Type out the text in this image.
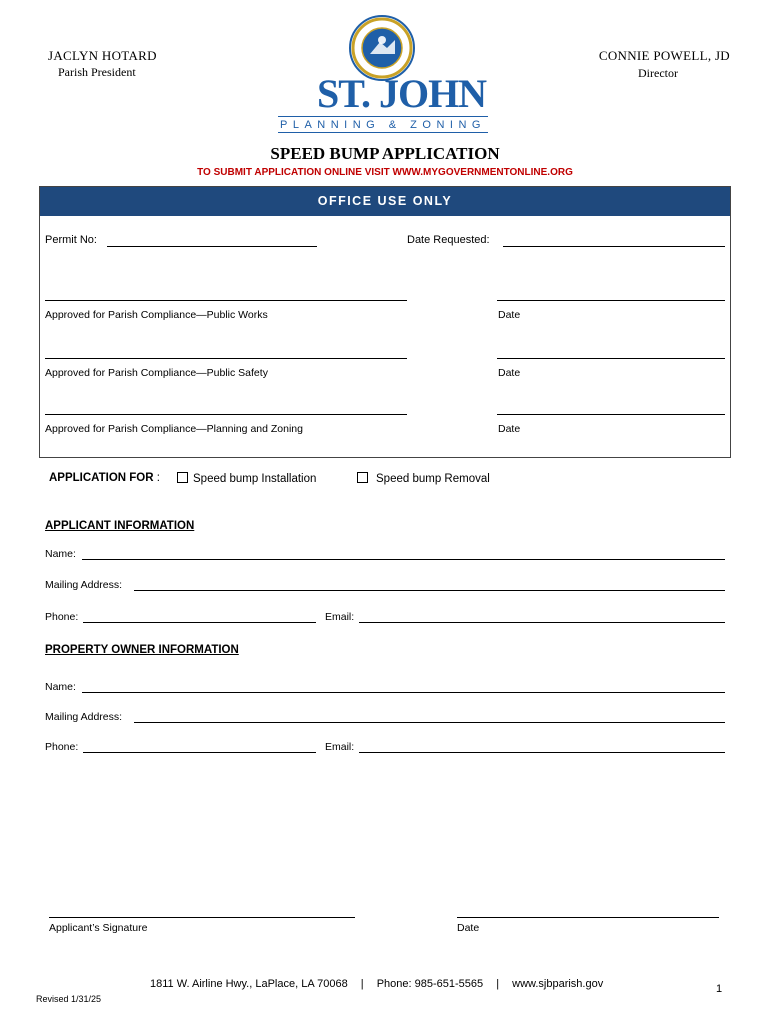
JACLYN HOTARD
Parish President
CONNIE POWELL, JD
Director
ST. JOHN
PLANNING & ZONING
SPEED BUMP APPLICATION
TO SUBMIT APPLICATION ONLINE VISIT WWW.MYGOVERNMENTONLINE.ORG
OFFICE USE ONLY
Permit No:	Date Requested:
Approved for Parish Compliance—Public Works	Date
Approved for Parish Compliance—Public Safety	Date
Approved for Parish Compliance—Planning and Zoning	Date
APPLICATION FOR :	Speed bump Installation	Speed bump Removal
APPLICANT INFORMATION
Name:
Mailing Address:
Phone:	Email:
PROPERTY OWNER INFORMATION
Name:
Mailing Address:
Phone:	Email:
Applicant’s Signature	Date
1811 W. Airline Hwy., LaPlace, LA 70068 | Phone: 985-651-5565 | www.sjbparish.gov	1
Revised 1/31/25
